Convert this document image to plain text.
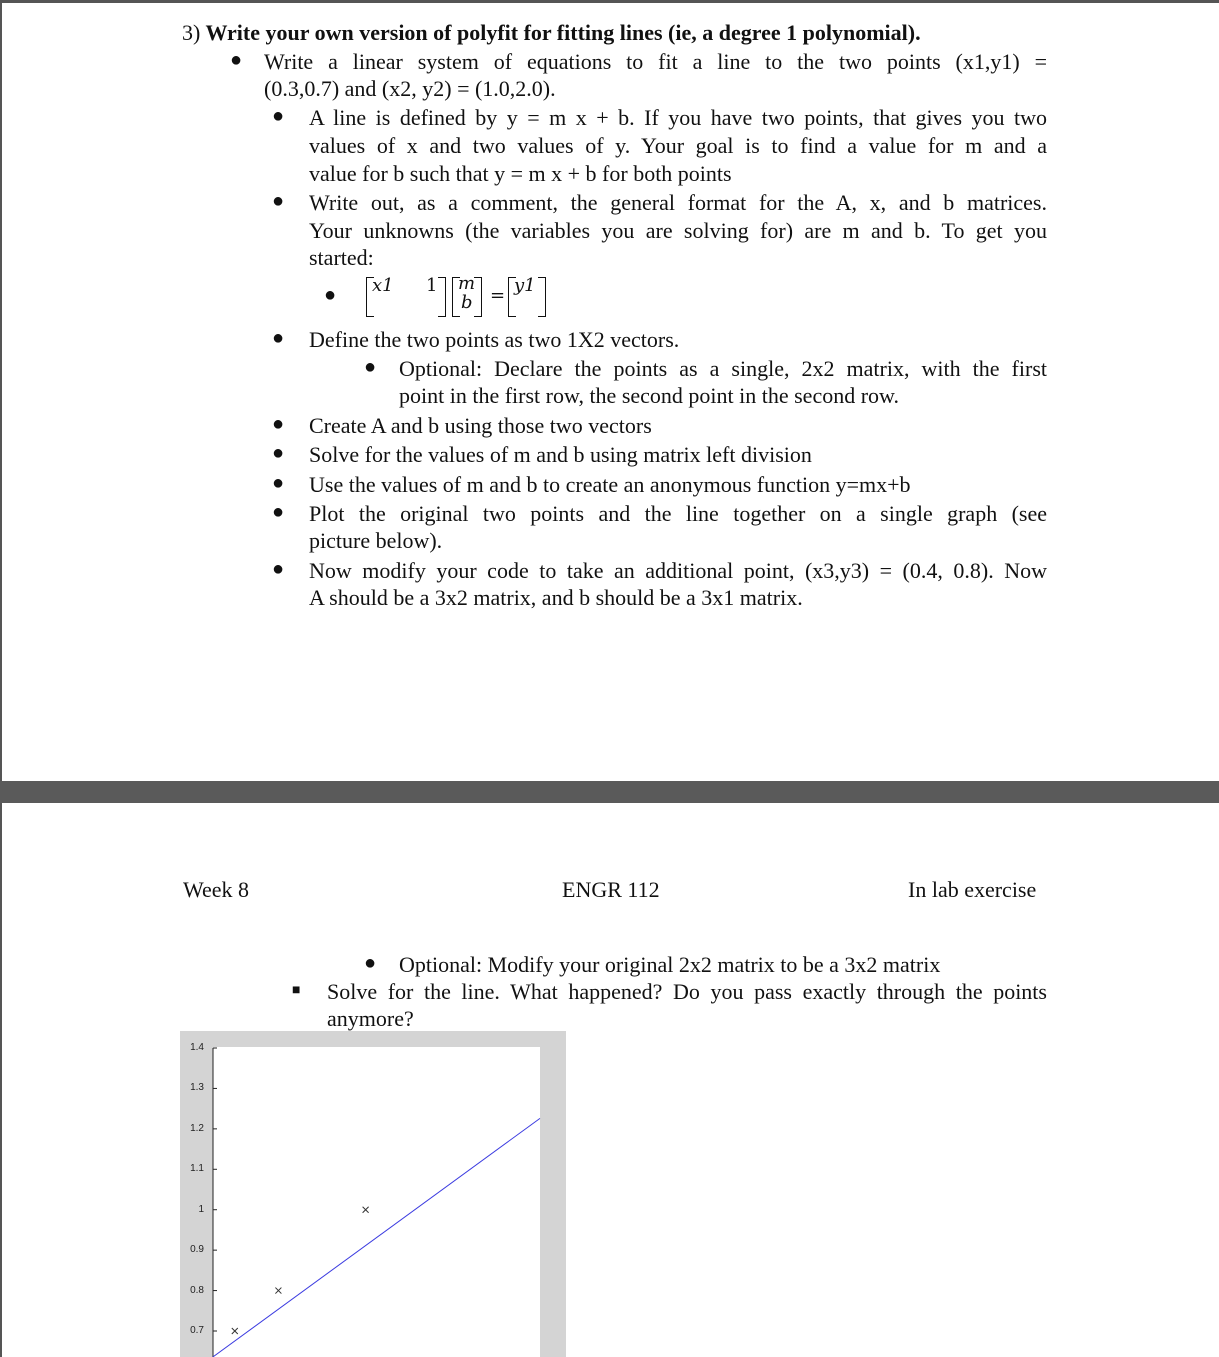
3) Write your own version of polyfit for fitting lines (ie, a degree 1 polynomial).
● Write a linear system of equations to fit a line to the two points (x1,y1) =
(0.3,0.7) and (x2, y2) = (1.0,2.0).
● A line is defined by y = m x + b. If you have two points, that gives you two
values of x and two values of y. Your goal is to find a value for m and a
value for b such that y = m x + b for both points
● Write out, as a comment, the general format for the A, x, and b matrices.
Your unknowns (the variables you are solving for) are m and b. To get you
started:
● x1 1 m
b = y1
● Define the two points as two 1X2 vectors.
● Optional: Declare the points as a single, 2x2 matrix, with the first
point in the first row, the second point in the second row.
● Create A and b using those two vectors
● Solve for the values of m and b using matrix left division
● Use the values of m and b to create an anonymous function y=mx+b
● Plot the original two points and the line together on a single graph (see
picture below).
● Now modify your code to take an additional point, (x3,y3) = (0.4, 0.8). Now
A should be a 3x2 matrix, and b should be a 3x1 matrix.
Week 8	ENGR 112	In lab exercise
● Optional: Modify your original 2x2 matrix to be a 3x2 matrix
■ Solve for the line. What happened? Do you pass exactly through the points
anymore?
1.4
1.3
1.2
1.1
1
0.9
0.8
0.7
